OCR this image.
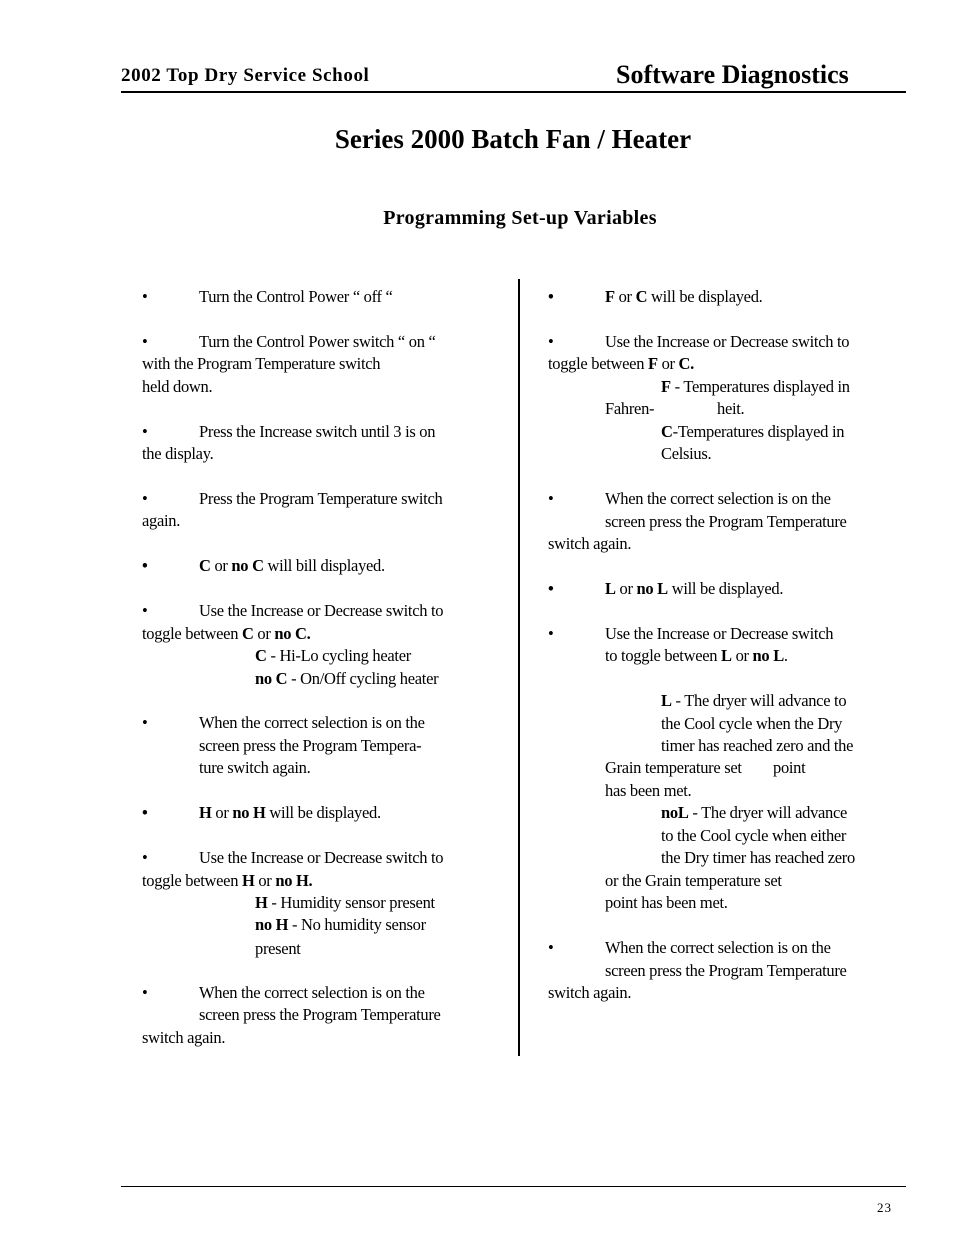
2002 Top Dry Service School	Software Diagnostics
Series 2000 Batch Fan / Heater
Programming Set-up Variables
•	Turn the Control Power “ off “
•	Turn the Control Power switch “ on “
with the Program Temperature switch
held down.
•	Press the Increase switch until 3 is on
the display.
•	Press the Program Temperature switch
again.
•	C or no C will bill displayed.
•	Use the Increase or Decrease switch to
toggle between C or no C.
C - Hi-Lo cycling heater
no C - On/Off cycling heater
•	When the correct selection is on the
screen press the Program Tempera-
ture switch again.
•	H or no H will be displayed.
•	Use the Increase or Decrease switch to
toggle between H or no H.
H - Humidity sensor present
no H - No humidity sensor
present
•	When the correct selection is on the
screen press the Program Temperature
switch again.
•	F or C will be displayed.
•	Use the Increase or Decrease switch to
toggle between F or C.
F - Temperatures displayed in
Fahren-	heit.
C-Temperatures displayed in
Celsius.
•	When the correct selection is on the
screen press the Program Temperature
switch again.
•	L or no L will be displayed.
•	Use the Increase or Decrease switch
to toggle between L or no L.
L - The dryer will advance to
the Cool cycle when the Dry
timer has reached zero and the
Grain temperature set point
has been met.
noL - The dryer will advance
to the Cool cycle when either
the Dry timer has reached zero
or the Grain temperature set
point has been met.
•	When the correct selection is on the
screen press the Program Temperature
switch again.
23
